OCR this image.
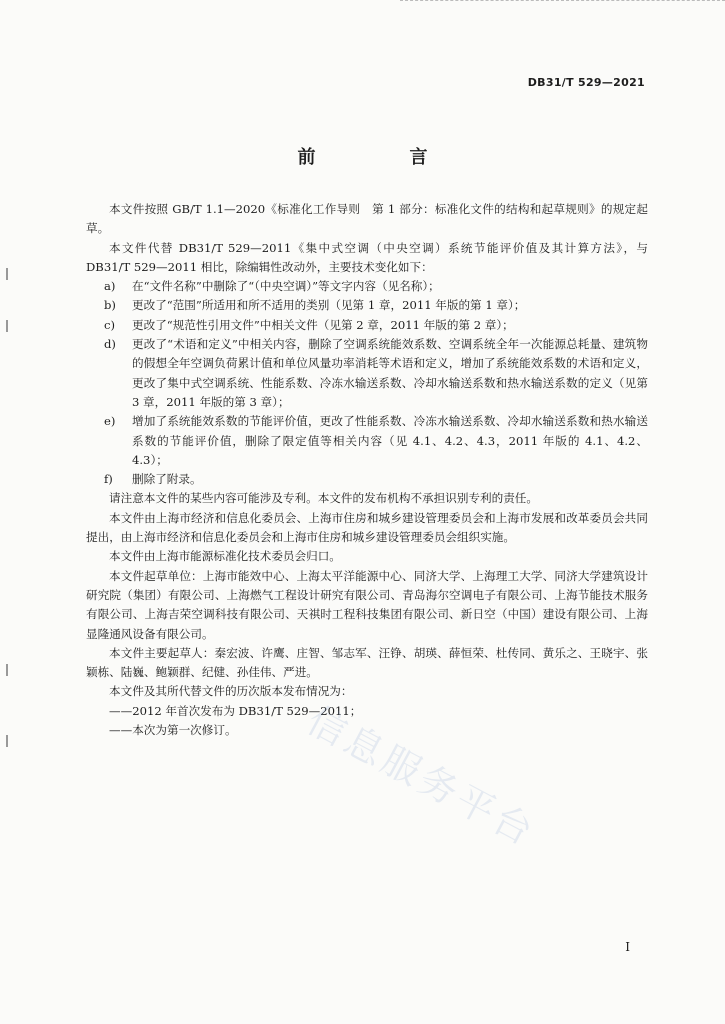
DB31/T 529—2021
前　言

本文件按照 GB/T 1.1—2020《标准化工作导则　第 1 部分：标准化文件的结构和起草规则》的规定起草。

本文件代替 DB31/T 529—2011《集中式空调（中央空调）系统节能评价值及其计算方法》，与 DB31/T 529—2011 相比，除编辑性改动外，主要技术变化如下：

a)	在“文件名称”中删除了“（中央空调）”等文字内容（见名称）；
b)	更改了“范围”所适用和所不适用的类别（见第 1 章，2011 年版的第 1 章）；
c)	更改了“规范性引用文件”中相关文件（见第 2 章，2011 年版的第 2 章）；
d)	更改了“术语和定义”中相关内容，删除了空调系统能效系数、空调系统全年一次能源总耗量、建筑物的假想全年空调负荷累计值和单位风量功率消耗等术语和定义，增加了系统能效系数的术语和定义，更改了集中式空调系统、性能系数、冷冻水输送系数、冷却水输送系数和热水输送系数的定义（见第 3 章，2011 年版的第 3 章）；
e)	增加了系统能效系数的节能评价值，更改了性能系数、冷冻水输送系数、冷却水输送系数和热水输送系数的节能评价值，删除了限定值等相关内容（见 4.1、4.2、4.3，2011 年版的 4.1、4.2、4.3）；
f)	删除了附录。

请注意本文件的某些内容可能涉及专利。本文件的发布机构不承担识别专利的责任。

本文件由上海市经济和信息化委员会、上海市住房和城乡建设管理委员会和上海市发展和改革委员会共同提出，由上海市经济和信息化委员会和上海市住房和城乡建设管理委员会组织实施。

本文件由上海市能源标准化技术委员会归口。

本文件起草单位：上海市能效中心、上海太平洋能源中心、同济大学、上海理工大学、同济大学建筑设计研究院（集团）有限公司、上海燃气工程设计研究有限公司、青岛海尔空调电子有限公司、上海节能技术服务有限公司、上海吉荣空调科技有限公司、天祺时工程科技集团有限公司、新日空（中国）建设有限公司、上海显隆通风设备有限公司。

本文件主要起草人：秦宏波、许鹰、庄智、邹志军、汪铮、胡瑛、薛恒荣、杜传同、黄乐之、王晓宇、张颖栋、陆巍、鲍颖群、纪健、孙佳伟、严进。

本文件及其所代替文件的历次版本发布情况为：

——2012 年首次发布为 DB31/T 529—2011；

——本次为第一次修订。	信息服务平台
I
